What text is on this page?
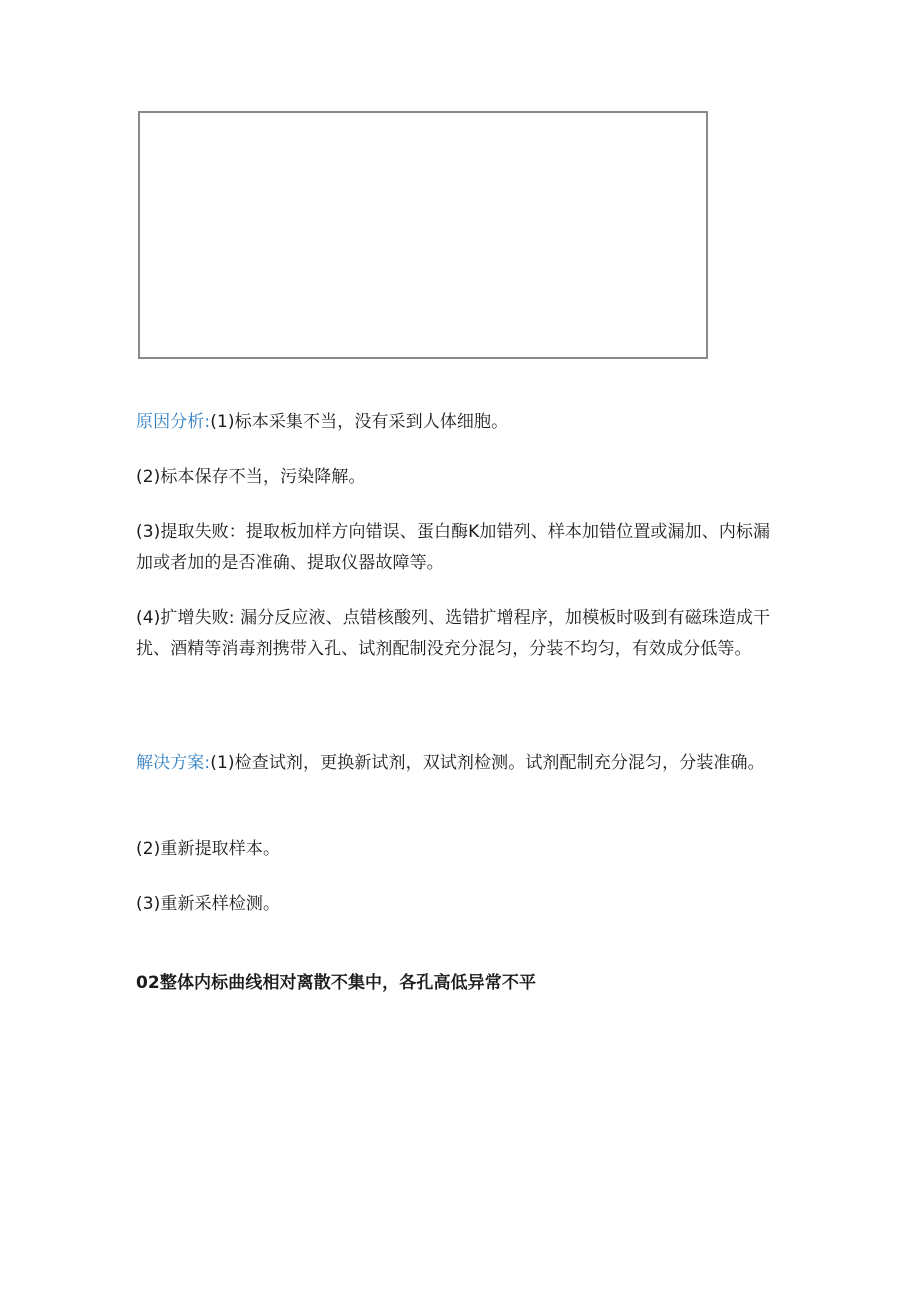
原因分析:(1)标本采集不当，没有采到人体细胞。

(2)标本保存不当，污染降解。

(3)提取失败：提取板加样方向错误、蛋白酶K加错列、样本加错位置或漏加、内标漏加或者加的是否准确、提取仪器故障等。

(4)扩增失败: 漏分反应液、点错核酸列、选错扩增程序，加模板时吸到有磁珠造成干扰、酒精等消毒剂携带入孔、试剂配制没充分混匀，分装不均匀，有效成分低等。

解决方案:(1)检查试剂，更换新试剂，双试剂检测。试剂配制充分混匀，分装准确。

(2)重新提取样本。

(3)重新采样检测。

02整体内标曲线相对离散不集中，各孔高低异常不平
